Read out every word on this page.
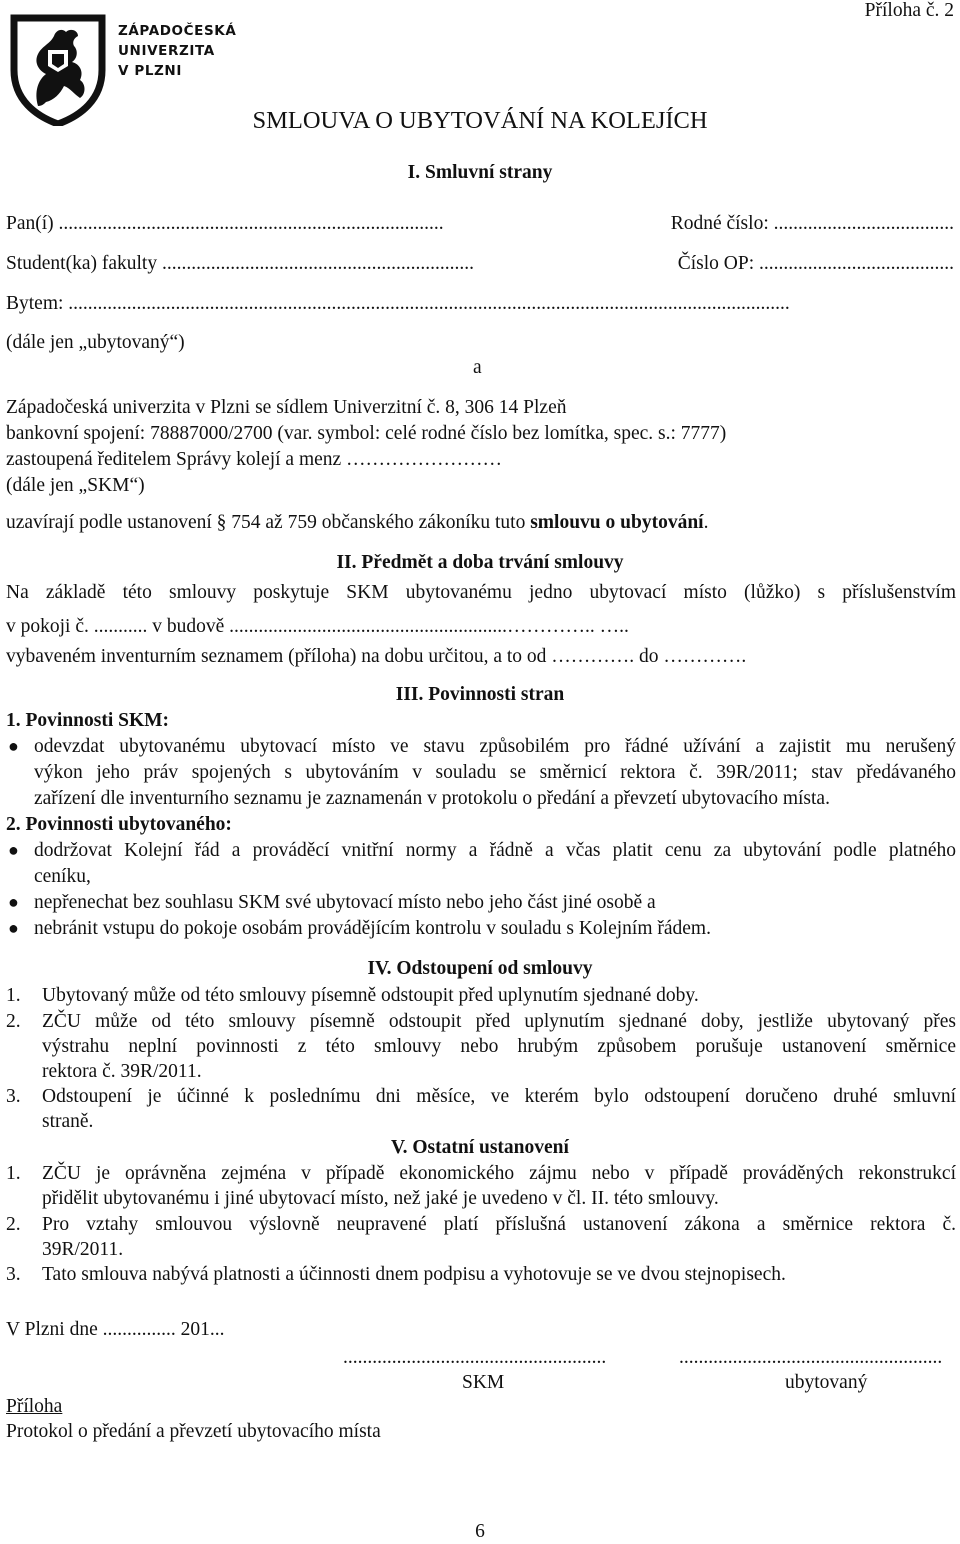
ZÁPADOČESKÁ
UNIVERZITA
V PLZNI
Příloha č. 2
SMLOUVA O UBYTOVÁNÍ NA KOLEJÍCH
I. Smluvní strany
Pan(í) ...............................................................................	Rodné číslo: .....................................
Student(ka) fakulty ................................................................	Číslo OP: ........................................
Bytem: ....................................................................................................................................................
(dále jen „ubytovaný“)
a
Západočeská univerzita v Plzni se sídlem Univerzitní č. 8, 306 14 Plzeň
bankovní spojení: 78887000/2700 (var. symbol: celé rodné číslo bez lomítka, spec. s.: 7777)
zastoupená ředitelem Správy kolejí a menz ……………………
(dále jen „SKM“)
uzavírají podle ustanovení § 754 až 759 občanského zákoníku tuto smlouvu o ubytování.
II. Předmět a doba trvání smlouvy
Na základě této smlouvy poskytuje SKM ubytovanému jedno ubytovací místo (lůžko) s příslušenstvím
v pokoji č. ........... v budově .........................................................………….. …..
vybaveném inventurním seznamem (příloha) na dobu určitou, a to od …………. do ………….
III. Povinnosti stran
1. Povinnosti SKM:
● odevzdat ubytovanému ubytovací místo ve stavu způsobilém pro řádné užívání a zajistit mu nerušený
výkon jeho práv spojených s ubytováním v souladu se směrnicí rektora č. 39R/2011; stav předávaného
zařízení dle inventurního seznamu je zaznamenán v protokolu o předání a převzetí ubytovacího místa.
2. Povinnosti ubytovaného:
● dodržovat Kolejní řád a prováděcí vnitřní normy a řádně a včas platit cenu za ubytování podle platného
ceníku,
● nepřenechat bez souhlasu SKM své ubytovací místo nebo jeho část jiné osobě a
● nebránit vstupu do pokoje osobám provádějícím kontrolu v souladu s Kolejním řádem.
IV. Odstoupení od smlouvy
1. Ubytovaný může od této smlouvy písemně odstoupit před uplynutím sjednané doby.
2. ZČU může od této smlouvy písemně odstoupit před uplynutím sjednané doby, jestliže ubytovaný přes
výstrahu neplní povinnosti z této smlouvy nebo hrubým způsobem porušuje ustanovení směrnice
rektora č. 39R/2011.
3. Odstoupení je účinné k poslednímu dni měsíce, ve kterém bylo odstoupení doručeno druhé smluvní
straně.
V. Ostatní ustanovení
1. ZČU je oprávněna zejména v případě ekonomického zájmu nebo v případě prováděných rekonstrukcí
přidělit ubytovanému i jiné ubytovací místo, než jaké je uvedeno v čl. II. této smlouvy.
2. Pro vztahy smlouvou výslovně neupravené platí příslušná ustanovení zákona a směrnice rektora č.
39R/2011.
3. Tato smlouva nabývá platnosti a účinnosti dnem podpisu a vyhotovuje se ve dvou stejnopisech.
V Plzni dne ............... 201...
......................................................	......................................................
SKM	ubytovaný
Příloha
Protokol o předání a převzetí ubytovacího místa
6
